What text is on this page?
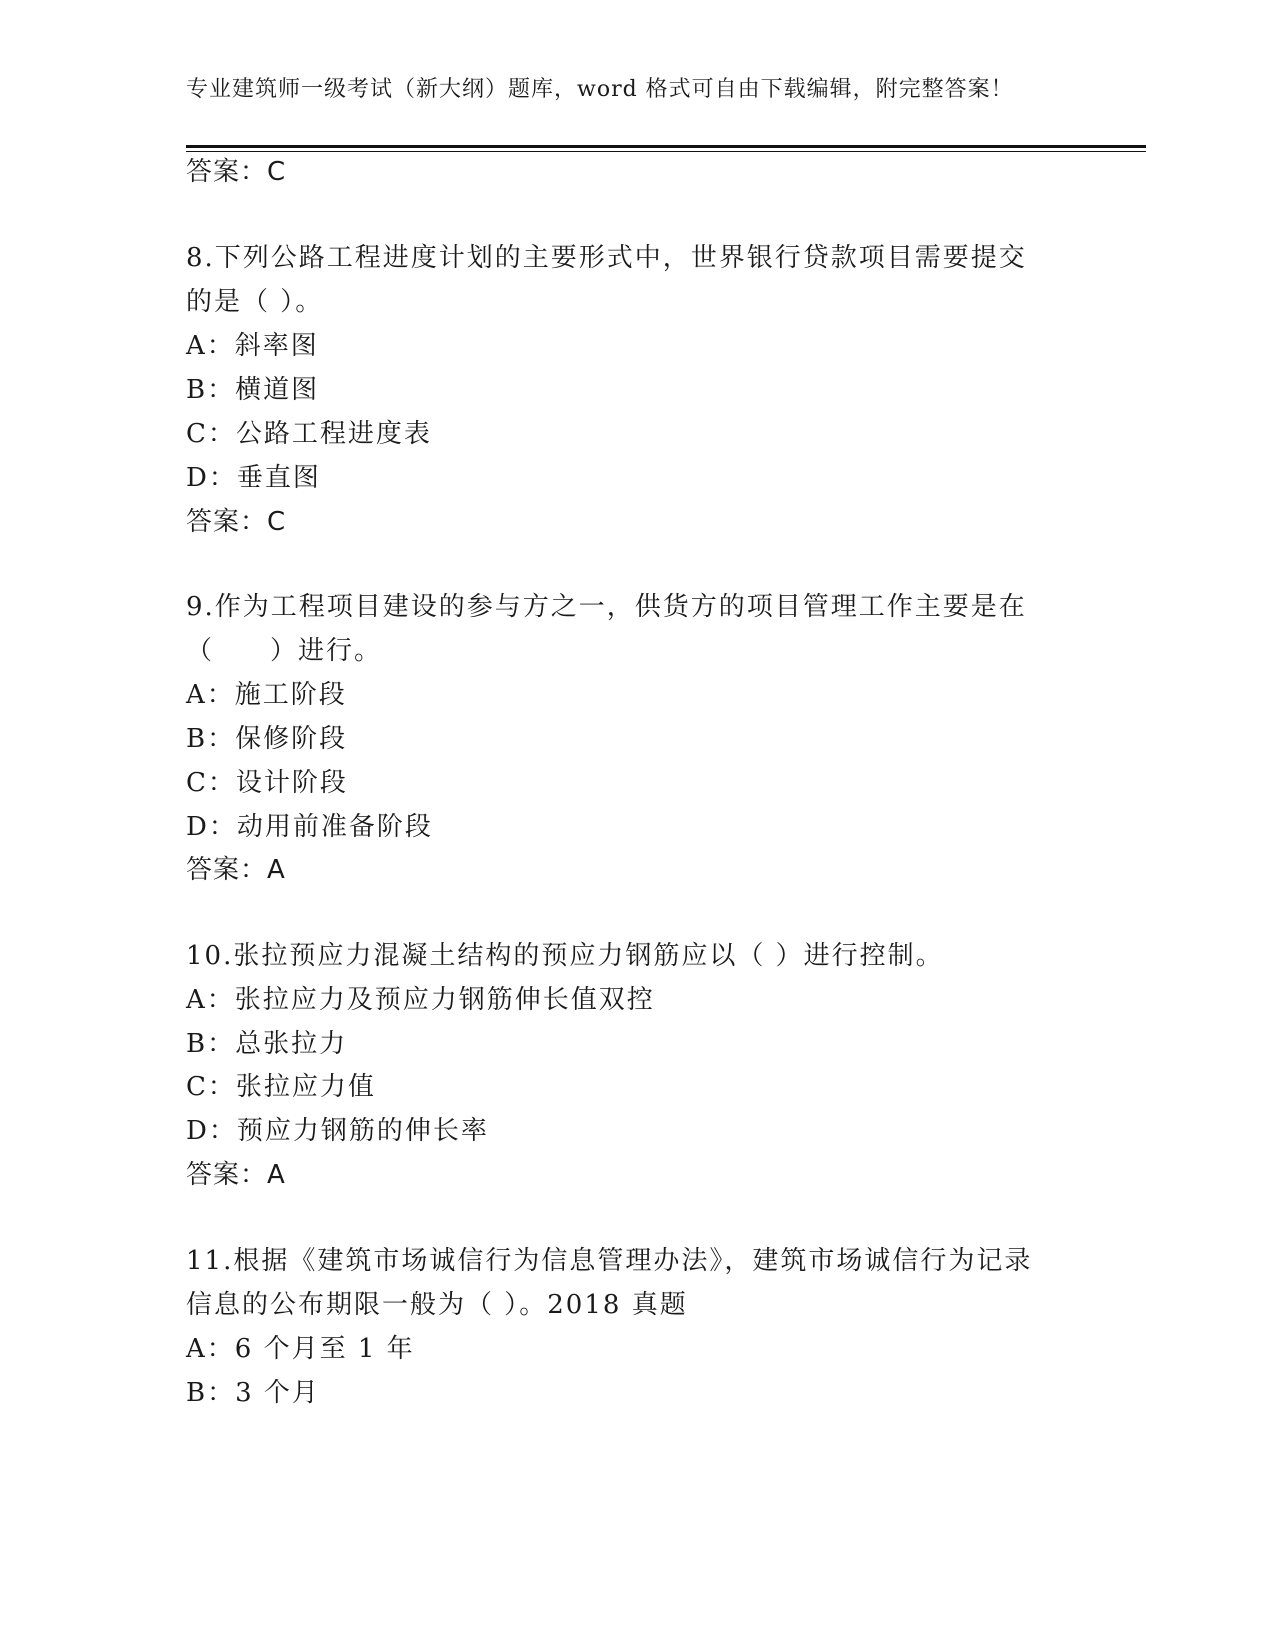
专业建筑师一级考试（新大纲）题库，word 格式可自由下载编辑，附完整答案！
答案：C
8.下列公路工程进度计划的主要形式中，世界银行贷款项目需要提交
的是（ ）。
A：斜率图
B：横道图
C：公路工程进度表
D：垂直图
答案：C
9.作为工程项目建设的参与方之一，供货方的项目管理工作主要是在
（　　）进行。
A：施工阶段
B：保修阶段
C：设计阶段
D：动用前准备阶段
答案：A
10.张拉预应力混凝土结构的预应力钢筋应以（ ）进行控制。
A：张拉应力及预应力钢筋伸长值双控
B：总张拉力
C：张拉应力值
D：预应力钢筋的伸长率
答案：A
11.根据《建筑市场诚信行为信息管理办法》，建筑市场诚信行为记录
信息的公布期限一般为（ ）。2018 真题
A：6 个月至 1 年
B：3 个月
